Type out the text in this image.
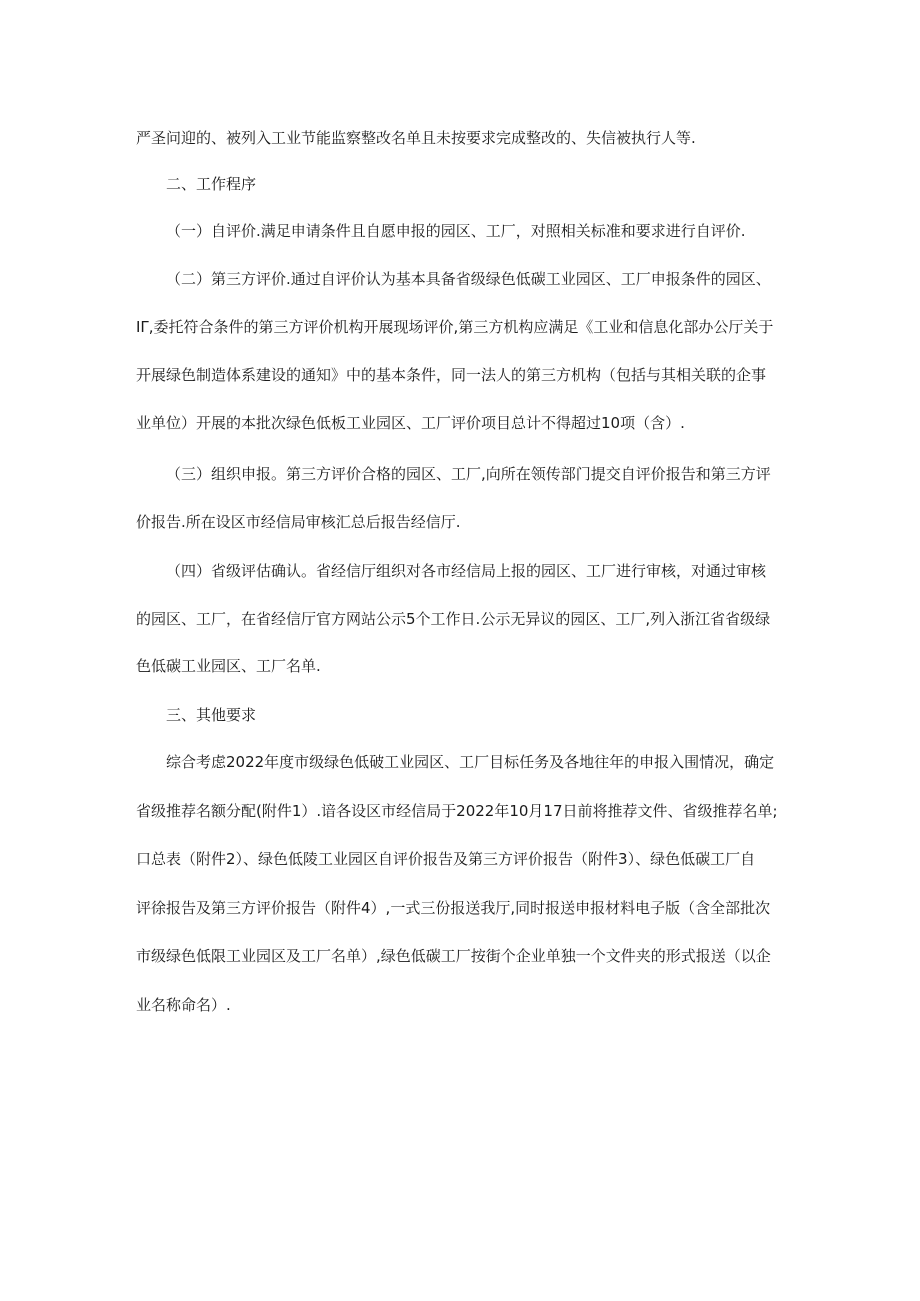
严圣问迎的、被列入工业节能监察整改名单且未按要求完成整改的、失信被执行人等.
二、工作程序
（一）自评价.满足申请条件且自愿申报的园区、工厂，对照相关标准和要求进行自评价.
（二）第三方评价.通过自评价认为基本具备省级绿色低碳工业园区、工厂申报条件的园区、
IΓ,委托符合条件的第三方评价机构开展现场评价,第三方机构应满足《工业和信息化部办公厅关于
开展绿色制造体系建设的通知》中的基本条件，同一法人的第三方机构（包括与其相关联的企事
业单位）开展的本批次绿色低板工业园区、工厂评价项目总计不得超过10项（含）.
（三）组织申报。第三方评价合格的园区、工厂,向所在领传部门提交自评价报告和第三方评
价报告.所在设区市经信局审核汇总后报告经信厅.
（四）省级评估确认。省经信厅组织对各市经信局上报的园区、工厂进行审核，对通过审核
的园区、工厂，在省经信厅官方网站公示5个工作日.公示无异议的园区、工厂,列入浙江省省级绿
色低碳工业园区、工厂名单.
三、其他要求
综合考虑2022年度市级绿色低破工业园区、工厂目标任务及各地往年的申报入围情况，确定
省级推荐名额分配(附件1）.谙各设区市经信局于2022年10月17日前将推荐文件、省级推荐名单;
口总表（附件2）、绿色低陵工业园区自评价报告及第三方评价报告（附件3）、绿色低碳工厂自
评徐报告及第三方评价报告（附件4）,一式三份报送我厅,同时报送申报材料电子版（含全部批次
市级绿色低限工业园区及工厂名单）,绿色低碳工厂按街个企业单独一个文件夹的形式报送（以企
业名称命名）.
